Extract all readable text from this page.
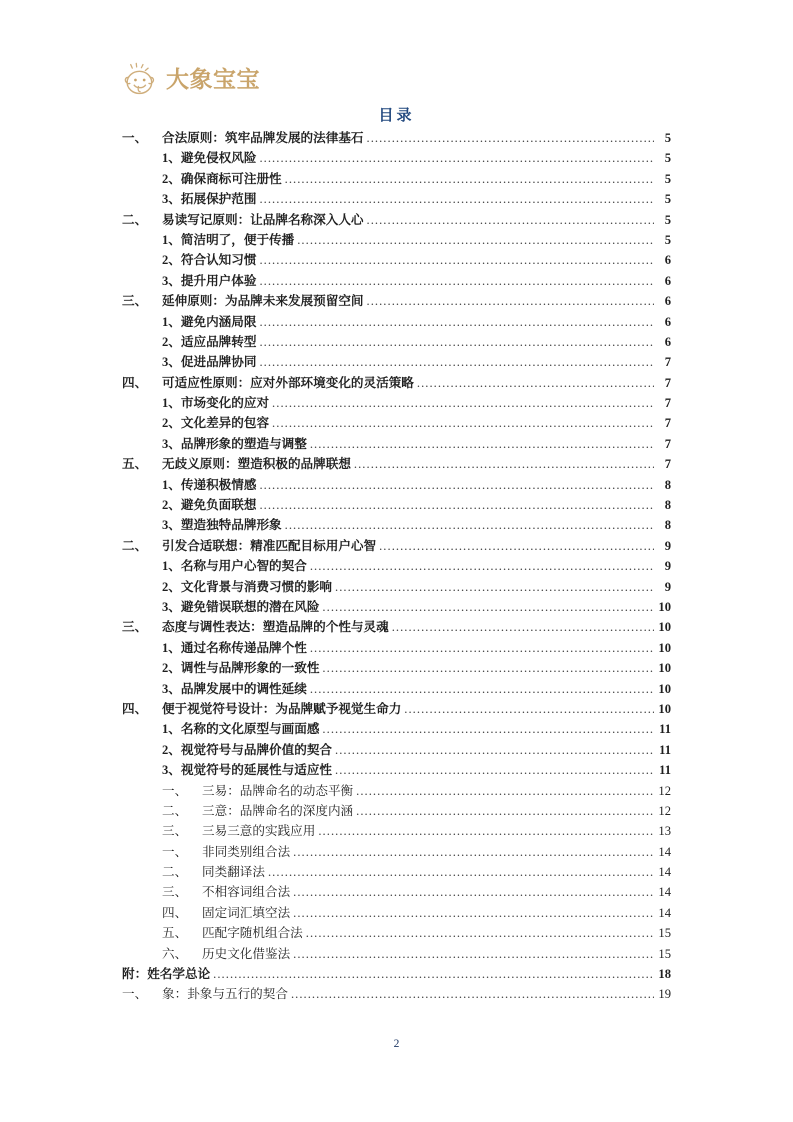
大象宝宝
目录
一、	合法原则：筑牢品牌发展的法律基石 .....	5
1、避免侵权风险 .....	5
2、确保商标可注册性 .....	5
3、拓展保护范围 .....	5
二、	易读写记原则：让品牌名称深入人心 .....	5
1、简洁明了，便于传播 .....	5
2、符合认知习惯 .....	6
3、提升用户体验 .....	6
三、	延伸原则：为品牌未来发展预留空间 .....	6
1、避免内涵局限 .....	6
2、适应品牌转型 .....	6
3、促进品牌协同 .....	7
四、	可适应性原则：应对外部环境变化的灵活策略 .....	7
1、市场变化的应对 .....	7
2、文化差异的包容 .....	7
3、品牌形象的塑造与调整 .....	7
五、	无歧义原则：塑造积极的品牌联想 .....	7
1、传递积极情感 .....	8
2、避免负面联想 .....	8
3、塑造独特品牌形象 .....	8
二、	引发合适联想：精准匹配目标用户心智 .....	9
1、名称与用户心智的契合 .....	9
2、文化背景与消费习惯的影响 .....	9
3、避免错误联想的潜在风险 .....	10
三、	态度与调性表达：塑造品牌的个性与灵魂 .....	10
1、通过名称传递品牌个性 .....	10
2、调性与品牌形象的一致性 .....	10
3、品牌发展中的调性延续 .....	10
四、	便于视觉符号设计：为品牌赋予视觉生命力 .....	10
1、名称的文化原型与画面感 .....	11
2、视觉符号与品牌价值的契合 .....	11
3、视觉符号的延展性与适应性 .....	11
一、	三易：品牌命名的动态平衡 .....	12
二、	三意：品牌命名的深度内涵 .....	12
三、	三易三意的实践应用 .....	13
一、	非同类别组合法 .....	14
二、	同类翻译法 .....	14
三、	不相容词组合法 .....	14
四、	固定词汇填空法 .....	14
五、	匹配字随机组合法 .....	15
六、	历史文化借鉴法 .....	15
附：姓名学总论 .....	18
一、	象：卦象与五行的契合 .....	19
2
